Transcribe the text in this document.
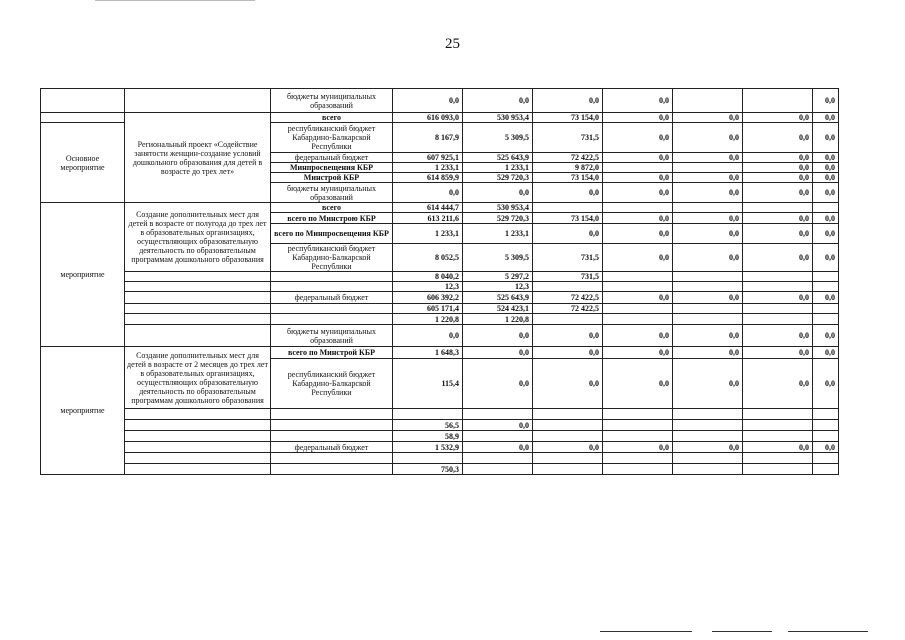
25
		бюджеты муниципальных образований	0,0	0,0	0,0	0,0			0,0
	Региональный проект «Содействие занятости женщин-создание условий дошкольного образования для детей в возрасте до трех лет»	всего	616 093,0	530 953,4	73 154,0	0,0	0,0	0,0	0,0
Основное мероприятие		республиканский бюджет Кабардино-Балкарской Республики	8 167,9	5 309,5	731,5	0,0	0,0	0,0	0,0
		федеральный бюджет	607 925,1	525 643,9	72 422,5	0,0	0,0	0,0	0,0
		Минпросвещения КБР	1 233,1	1 233,1	9 872,0			0,0	0,0
		Минстрой КБР	614 859,9	529 720,3	73 154,0	0,0	0,0	0,0	0,0
		бюджеты муниципальных образований	0,0	0,0	0,0	0,0	0,0	0,0	0,0
мероприятие	Создание дополнительных мест для детей в возрасте от полугода до трех лет в образовательных организациях, осуществляющих образовательную деятельность по образовательным программам дошкольного образования	всего	614 444,7	530 953,4					
		всего по Минстрою КБР	613 211,6	529 720,3	73 154,0	0,0	0,0	0,0	0,0
		всего по Минпросвещения КБР	1 233,1	1 233,1	0,0	0,0	0,0	0,0	0,0
		республиканский бюджет Кабардино-Балкарской Республики	8 052,5	5 309,5	731,5	0,0	0,0	0,0	0,0
			8 040,2	5 297,2	731,5				
			12,3	12,3					
		федеральный бюджет	606 392,2	525 643,9	72 422,5	0,0	0,0	0,0	0,0
			605 171,4	524 423,1	72 422,5				
			1 220,8	1 220,8					
		бюджеты муниципальных образований	0,0	0,0	0,0	0,0	0,0	0,0	0,0
мероприятие	Создание дополнительных мест для детей в возрасте от 2 месяцев до трех лет в образовательных организациях, осуществляющих образовательную деятельность по образовательным программам дошкольного образования	всего по Минстрой КБР	1 648,3	0,0	0,0	0,0	0,0	0,0	0,0
		республиканский бюджет Кабардино-Балкарской Республики	115,4	0,0	0,0	0,0	0,0	0,0	0,0

			56,5	0,0					
			58,9						
		федеральный бюджет	1 532,9	0,0	0,0	0,0	0,0	0,0	0,0

			750,3						
